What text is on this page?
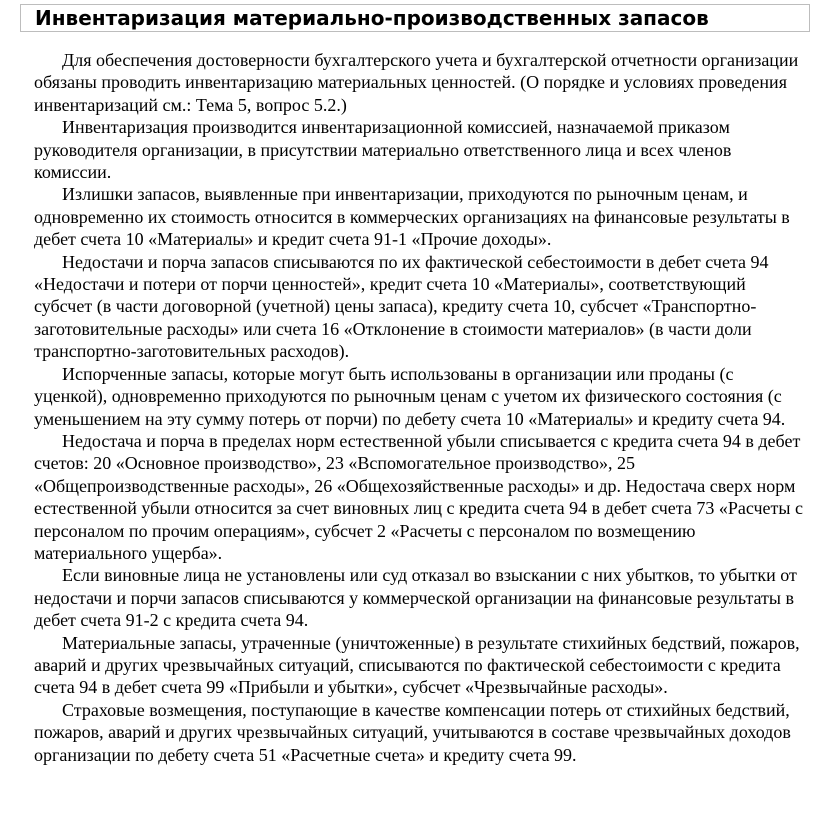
Инвентаризация материально-производственных запасов

Для обеспечения достоверности бухгалтерского учета и бухгалтерской отчетности организации обязаны проводить инвентаризацию материальных ценностей. (О порядке и условиях проведения инвентаризаций см.: Тема 5, вопрос 5.2.)

Инвентаризация производится инвентаризационной комиссией, назначаемой приказом руководителя организации, в присутствии материально ответственного лица и всех членов комиссии.

Излишки запасов, выявленные при инвентаризации, приходуются по рыночным ценам, и одновременно их стоимость относится в коммерческих организациях на финансовые результаты в дебет счета 10 «Материалы» и кредит счета 91-1 «Прочие доходы».

Недостачи и порча запасов списываются по их фактической себестоимости в дебет счета 94 «Недостачи и потери от порчи ценностей», кредит счета 10 «Материалы», соответствующий субсчет (в части договорной (учетной) цены запаса), кредиту счета 10, субсчет «Транспортно-заготовительные расходы» или счета 16 «Отклонение в стоимости материалов» (в части доли транспортно-заготовительных расходов).

Испорченные запасы, которые могут быть использованы в организации или проданы (с уценкой), одновременно приходуются по рыночным ценам с учетом их физического состояния (с уменьшением на эту сумму потерь от порчи) по дебету счета 10 «Материалы» и кредиту счета 94.

Недостача и порча в пределах норм естественной убыли списывается с кредита счета 94 в дебет счетов: 20 «Основное производство», 23 «Вспомогательное производство», 25 «Общепроизводственные расходы», 26 «Общехозяйственные расходы» и др. Недостача сверх норм естественной убыли относится за счет виновных лиц с кредита счета 94 в дебет счета 73 «Расчеты с персоналом по прочим операциям», субсчет 2 «Расчеты с персоналом по возмещению материального ущерба».

Если виновные лица не установлены или суд отказал во взыскании с них убытков, то убытки от недостачи и порчи запасов списываются у коммерческой организации на финансовые результаты в дебет счета 91-2 с кредита счета 94.

Материальные запасы, утраченные (уничтоженные) в результате стихийных бедствий, пожаров, аварий и других чрезвычайных ситуаций, списываются по фактической себестоимости с кредита счета 94 в дебет счета 99 «Прибыли и убытки», субсчет «Чрезвычайные расходы».

Страховые возмещения, поступающие в качестве компенсации потерь от стихийных бедствий, пожаров, аварий и других чрезвычайных ситуаций, учитываются в составе чрезвычайных доходов организации по дебету счета 51 «Расчетные счета» и кредиту счета 99.
